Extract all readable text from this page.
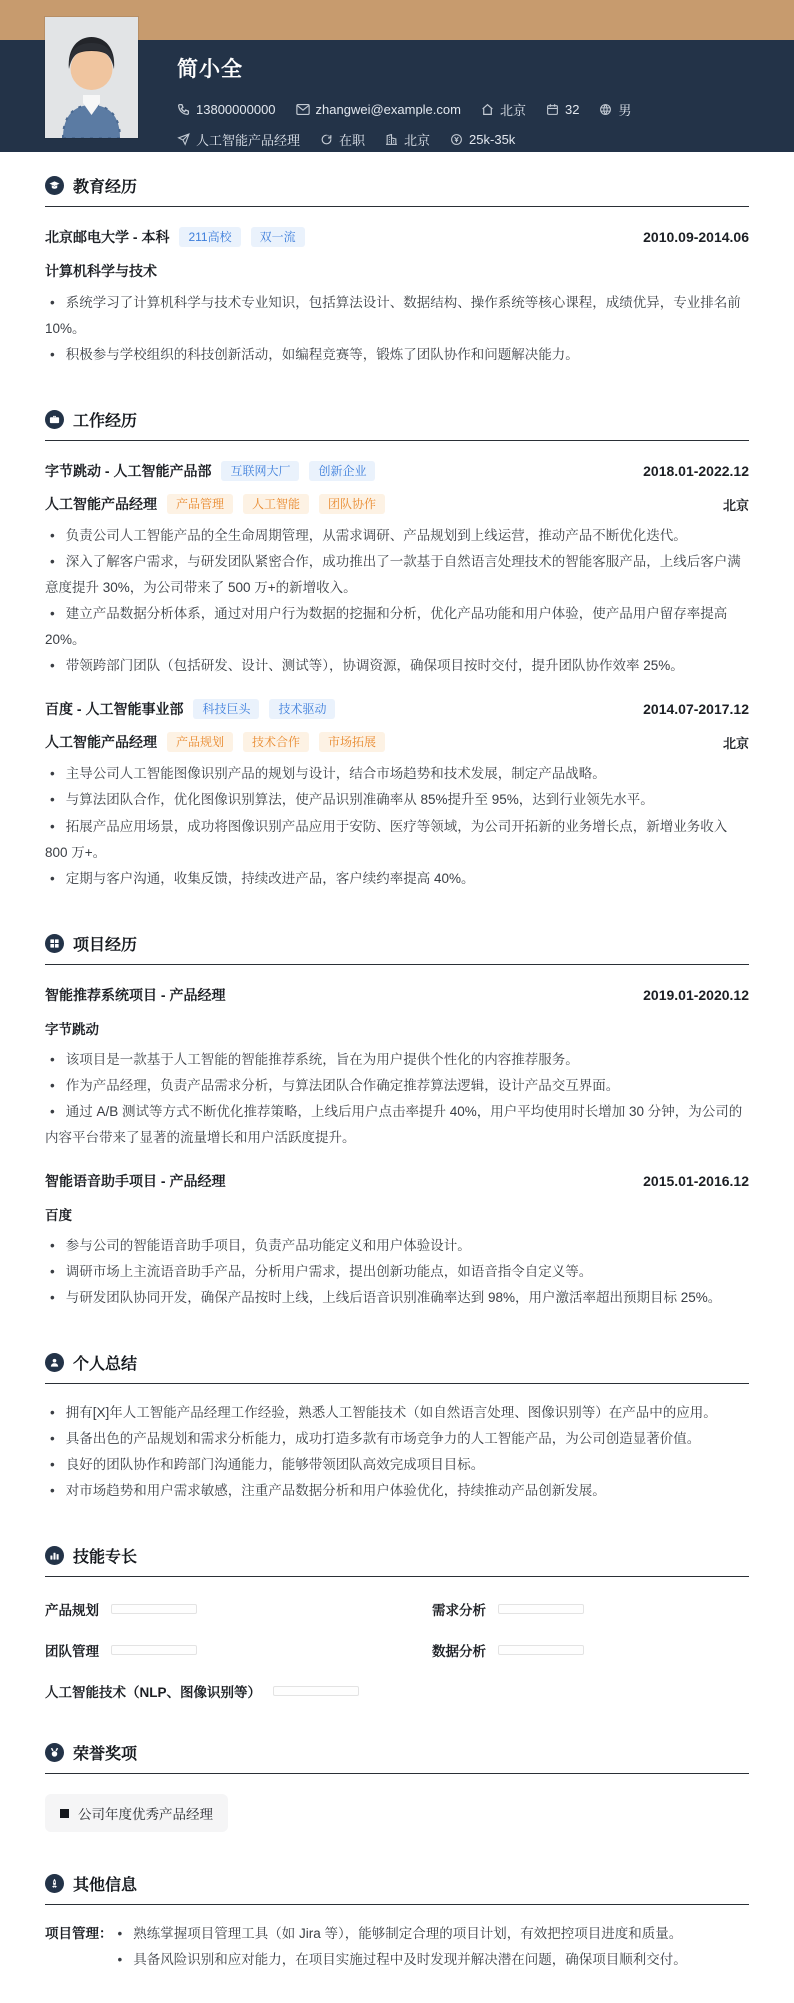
简小全
13800000000	zhangwei@example.com	北京	32	男
人工智能产品经理	在职	北京	25k-35k
教育经历
北京邮电大学 - 本科	211高校	双一流	2010.09-2014.06
计算机科学与技术
• 系统学习了计算机科学与技术专业知识，包括算法设计、数据结构、操作系统等核心课程，成绩优异，专业排名前 10%。
• 积极参与学校组织的科技创新活动，如编程竞赛等，锻炼了团队协作和问题解决能力。
工作经历
字节跳动 - 人工智能产品部	互联网大厂	创新企业	2018.01-2022.12
人工智能产品经理	产品管理	人工智能	团队协作	北京
• 负责公司人工智能产品的全生命周期管理，从需求调研、产品规划到上线运营，推动产品不断优化迭代。
• 深入了解客户需求，与研发团队紧密合作，成功推出了一款基于自然语言处理技术的智能客服产品，上线后客户满意度提升 30%，为公司带来了 500 万+的新增收入。
• 建立产品数据分析体系，通过对用户行为数据的挖掘和分析，优化产品功能和用户体验，使产品用户留存率提高 20%。
• 带领跨部门团队（包括研发、设计、测试等），协调资源，确保项目按时交付，提升团队协作效率 25%。
百度 - 人工智能事业部	科技巨头	技术驱动	2014.07-2017.12
人工智能产品经理	产品规划	技术合作	市场拓展	北京
• 主导公司人工智能图像识别产品的规划与设计，结合市场趋势和技术发展，制定产品战略。
• 与算法团队合作，优化图像识别算法，使产品识别准确率从 85%提升至 95%，达到行业领先水平。
• 拓展产品应用场景，成功将图像识别产品应用于安防、医疗等领域，为公司开拓新的业务增长点，新增业务收入 800 万+。
• 定期与客户沟通，收集反馈，持续改进产品，客户续约率提高 40%。
项目经历
智能推荐系统项目 - 产品经理	2019.01-2020.12
字节跳动
• 该项目是一款基于人工智能的智能推荐系统，旨在为用户提供个性化的内容推荐服务。
• 作为产品经理，负责产品需求分析，与算法团队合作确定推荐算法逻辑，设计产品交互界面。
• 通过 A/B 测试等方式不断优化推荐策略，上线后用户点击率提升 40%，用户平均使用时长增加 30 分钟，为公司的内容平台带来了显著的流量增长和用户活跃度提升。
智能语音助手项目 - 产品经理	2015.01-2016.12
百度
• 参与公司的智能语音助手项目，负责产品功能定义和用户体验设计。
• 调研市场上主流语音助手产品，分析用户需求，提出创新功能点，如语音指令自定义等。
• 与研发团队协同开发，确保产品按时上线，上线后语音识别准确率达到 98%，用户激活率超出预期目标 25%。
个人总结
• 拥有[X]年人工智能产品经理工作经验，熟悉人工智能技术（如自然语言处理、图像识别等）在产品中的应用。
• 具备出色的产品规划和需求分析能力，成功打造多款有市场竞争力的人工智能产品，为公司创造显著价值。
• 良好的团队协作和跨部门沟通能力，能够带领团队高效完成项目目标。
• 对市场趋势和用户需求敏感，注重产品数据分析和用户体验优化，持续推动产品创新发展。
技能专长
产品规划	需求分析
团队管理	数据分析
人工智能技术（NLP、图像识别等）
荣誉奖项
公司年度优秀产品经理
其他信息
项目管理：	• 熟练掌握项目管理工具（如 Jira 等），能够制定合理的项目计划，有效把控项目进度和质量。
• 具备风险识别和应对能力，在项目实施过程中及时发现并解决潜在问题，确保项目顺利交付。
